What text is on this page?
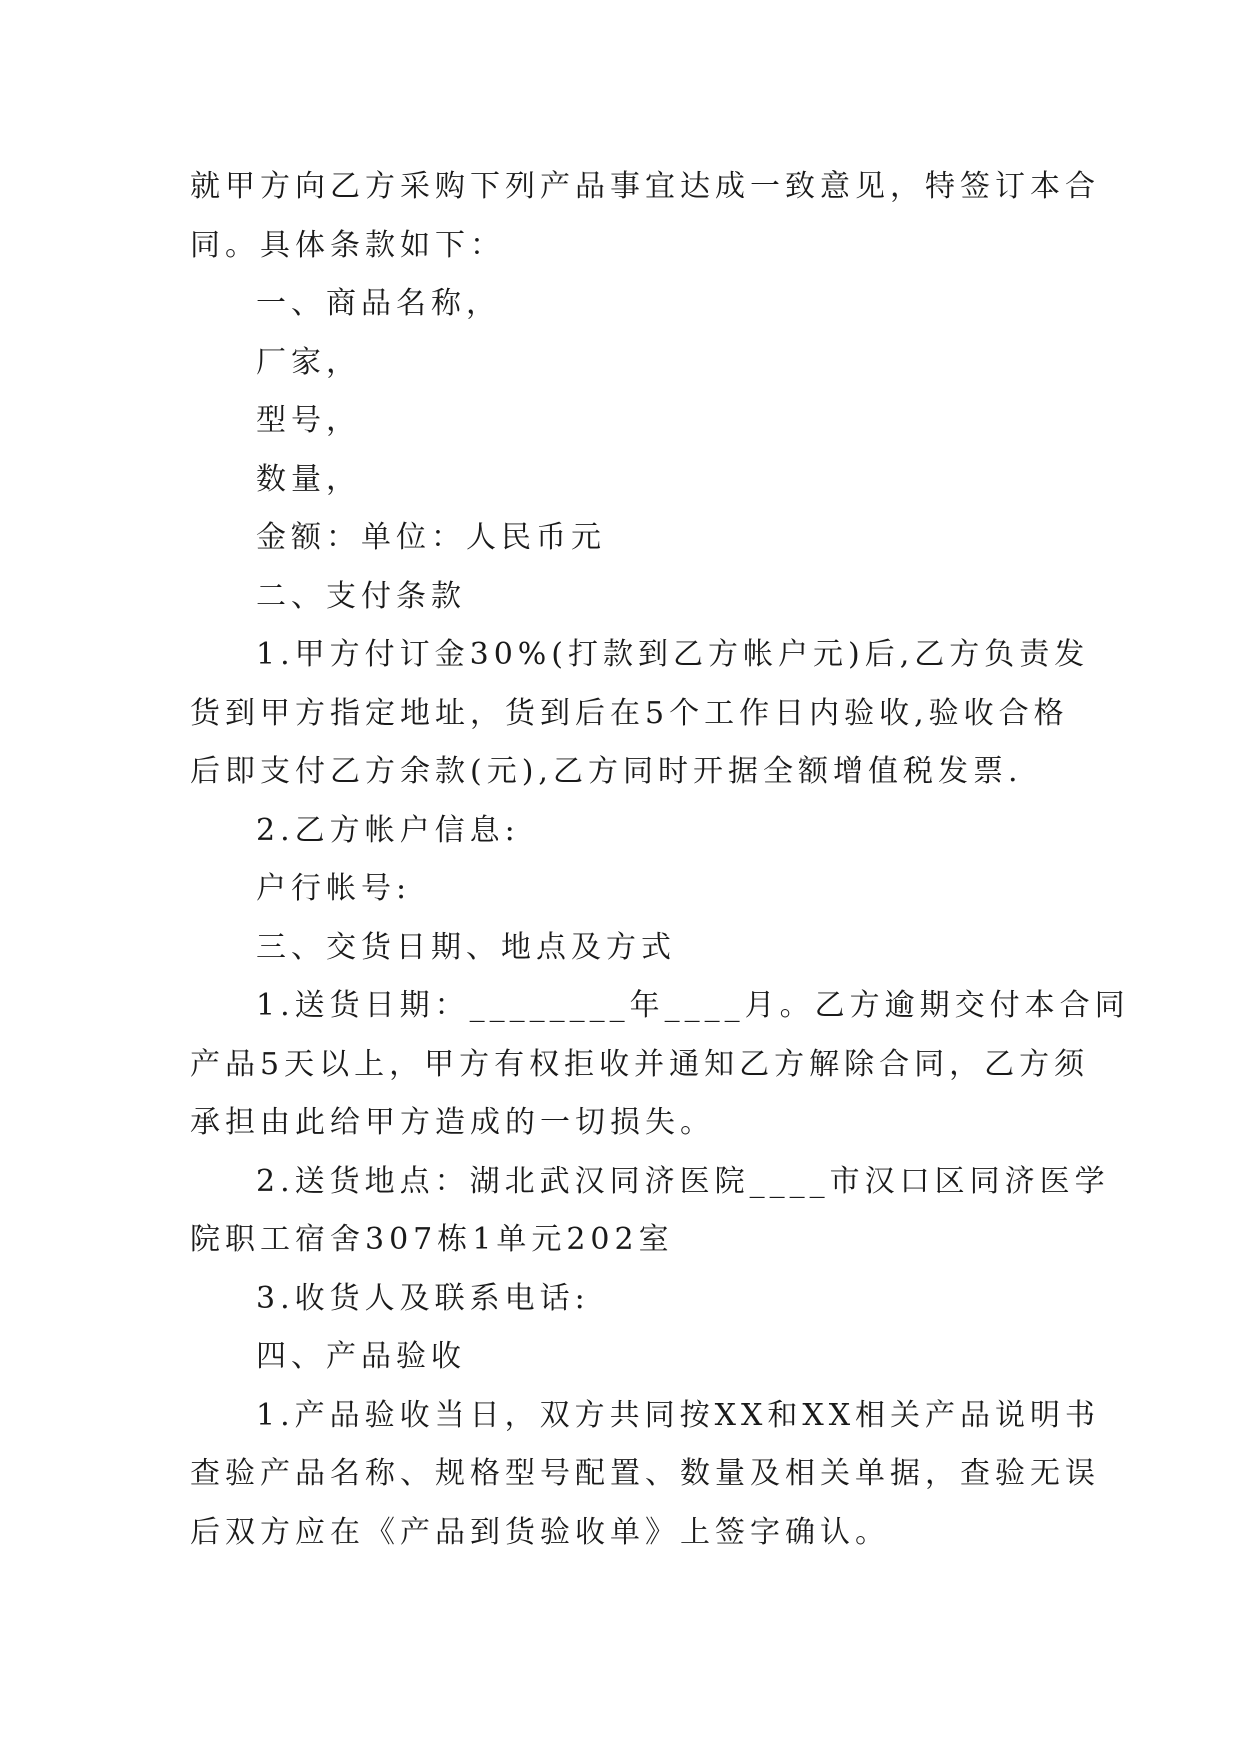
就甲方向乙方采购下列产品事宜达成一致意见，特签订本合
同。具体条款如下：
一、商品名称，
厂家，
型号，
数量，
金额：单位：人民币元
二、支付条款
1.甲方付订金30%(打款到乙方帐户元)后,乙方负责发
货到甲方指定地址，货到后在5个工作日内验收,验收合格
后即支付乙方余款(元),乙方同时开据全额增值税发票.
2.乙方帐户信息:
户行帐号:
三、交货日期、地点及方式
1.送货日期：________年____月。乙方逾期交付本合同
产品5天以上，甲方有权拒收并通知乙方解除合同，乙方须
承担由此给甲方造成的一切损失。
2.送货地点：湖北武汉同济医院____市汉口区同济医学
院职工宿舍307栋1单元202室
3.收货人及联系电话:
四、产品验收
1.产品验收当日，双方共同按XX和XX相关产品说明书
查验产品名称、规格型号配置、数量及相关单据，查验无误
后双方应在《产品到货验收单》上签字确认。
